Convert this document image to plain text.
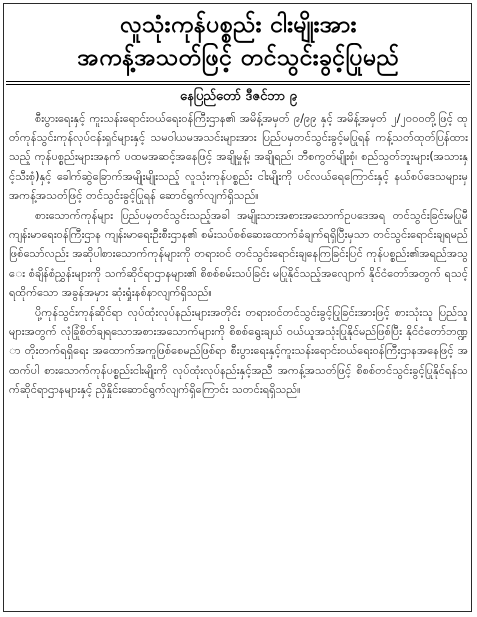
လူသုံးကုန်ပစ္စည်း ငါးမျိုးအား
အကန့်အသတ်ဖြင့် တင်သွင်းခွင့်ပြုမည်
နေပြည်တော် ဒီဇင်ဘာ ၉

စီးပွားရေးနှင့် ကူးသန်းရောင်းဝယ်ရေးဝန်ကြီးဌာန၏ အမိန့်အမှတ် ၉/၉၉ နှင့် အမိန့်အမှတ် ၂/၂၀၀၀တို့ဖြင့် ထုတ်ကုန်သွင်းကုန်လုပ်ငန်းရှင်များနှင့် သမဝါယမအသင်းများအား ပြည်ပမှတင်သွင်းခွင့်မပြုရန် ကန့်သတ်ထုတ်ပြန်ထားသည့် ကုန်ပစ္စည်းများအနက် ပထမအဆင့်အနေဖြင့် အချိုမှုန့်၊ အချိုရည်၊ ဘီစကွတ်မျိုးစုံ၊ စည်သွတ်ဘူးများ(အသားနှင့်သီးစုံ)နှင့် ခေါက်ဆွဲခြောက်အမျိုးမျိုးသည့် လူသုံးကုန်ပစ္စည်း ငါးမျိုးကို ပင်လယ်ရေကြောင်းနှင့် နယ်စပ်ဒေသများမှ အကန့်အသတ်ဖြင့် တင်သွင်းခွင့်ပြုရန် ဆောင်ရွက်လျက်ရှိသည်။

စားသောက်ကုန်များ ပြည်ပမှတင်သွင်းသည့်အခါ အမျိုးသားအစားအသောက်ဥပဒေအရ တင်သွင်းခြင်းမပြုမီ ကျန်းမာရေးဝန်ကြီးဌာန ကျန်းမာရေးဦးစီးဌာန၏ စမ်းသပ်စစ်ဆေးထောက်ခံချက်ရရှိပြီးမှသာ တင်သွင်းရောင်းချရမည်ဖြစ်သော်လည်း အဆိုပါစားသောက်ကုန်များကို တရားဝင် တင်သွင်းရောင်းချနေကြခြင်းပြင် ကုန်ပစ္စည်း၏အရည်အသွေး စံချိန်စံညွှန်းများကို သက်ဆိုင်ရာဌာနများ၏ စိစစ်စမ်းသပ်ခြင်း မပြုနိုင်သည့်အလျောက် နိုင်ငံတော်အတွက် ရသင့်ရထိုက်သော အခွန်အမှား ဆုံးရှုံးနစ်နာလျက်ရှိသည်။

ပို့ကုန်သွင်းကုန်ဆိုင်ရာ လုပ်ထုံးလုပ်နည်းများအတိုင်း တရားဝင်တင်သွင်းခွင့်ပြုခြင်းအားဖြင့် စားသုံးသူ ပြည်သူများအတွက် လုံခြုံစိတ်ချရသောအစားအသောက်များကို စိစစ်ရွေးချယ် ဝယ်ယူအသုံးပြုနိုင်မည်ဖြစ်ပြီး နိုင်ငံတော်ဘဏ္ဍာ တိုးတက်ရရှိရေး အထောက်အကူဖြစ်စေမည်ဖြစ်ရာ စီးပွားရေးနှင့်ကူးသန်းရောင်းဝယ်ရေးဝန်ကြီးဌာနအနေဖြင့် အထက်ပါ စားသောက်ကုန်ပစ္စည်းငါးမျိုးကို လုပ်ထုံးလုပ်နည်းနှင့်အညီ အကန့်အသတ်ဖြင့် စိစစ်တင်သွင်းခွင့်ပြုနိုင်ရန်သက်ဆိုင်ရာဌာနများနှင့် ညှိနှိုင်းဆောင်ရွက်လျက်ရှိကြောင်း သတင်းရရှိသည်။
